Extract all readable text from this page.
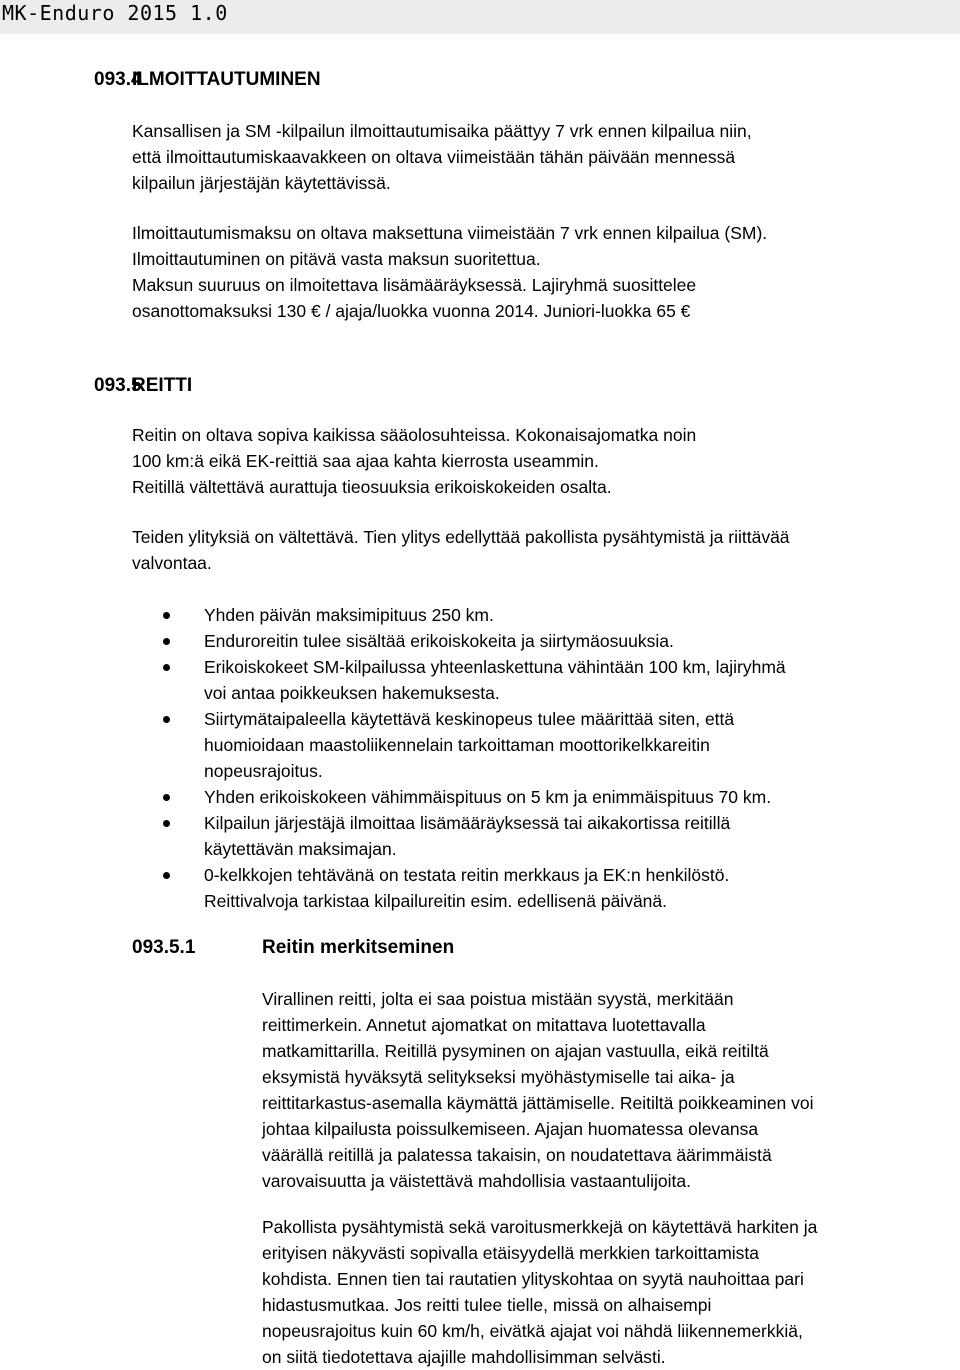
MK-Enduro 2015 1.0
093.4
ILMOITTAUTUMINEN

Kansallisen ja SM -kilpailun ilmoittautumisaika päättyy 7 vrk ennen kilpailua niin,
että ilmoittautumiskaavakkeen on oltava viimeistään tähän päivään mennessä
kilpailun järjestäjän käytettävissä.

Ilmoittautumismaksu on oltava maksettuna viimeistään 7 vrk ennen kilpailua (SM).
Ilmoittautuminen on pitävä vasta maksun suoritettua.
Maksun suuruus on ilmoitettava lisämääräyksessä. Lajiryhmä suosittelee
osanottomaksuksi 130 € / ajaja/luokka vuonna 2014. Juniori-luokka 65 €

093.5
REITTI

Reitin on oltava sopiva kaikissa sääolosuhteissa. Kokonaisajomatka noin
100 km:ä eikä EK-reittiä saa ajaa kahta kierrosta useammin.
Reitillä vältettävä aurattuja tieosuuksia erikoiskokeiden osalta.

Teiden ylityksiä on vältettävä. Tien ylitys edellyttää pakollista pysähtymistä ja riittävää
valvontaa.

Yhden päivän maksimipituus 250 km.
Enduroreitin tulee sisältää erikoiskokeita ja siirtymäosuuksia.
Erikoiskokeet SM-kilpailussa yhteenlaskettuna vähintään 100 km, lajiryhmä
voi antaa poikkeuksen hakemuksesta.
Siirtymätaipaleella käytettävä keskinopeus tulee määrittää siten, että
huomioidaan maastoliikennelain tarkoittaman moottorikelkkareitin
nopeusrajoitus.
Yhden erikoiskokeen vähimmäispituus on 5 km ja enimmäispituus 70 km.
Kilpailun järjestäjä ilmoittaa lisämääräyksessä tai aikakortissa reitillä
käytettävän maksimajan.
0-kelkkojen tehtävänä on testata reitin merkkaus ja EK:n henkilöstö.
Reittivalvoja tarkistaa kilpailureitin esim. edellisenä päivänä.
093.5.1	Reitin merkitseminen

Virallinen reitti, jolta ei saa poistua mistään syystä, merkitään
reittimerkein. Annetut ajomatkat on mitattava luotettavalla
matkamittarilla. Reitillä pysyminen on ajajan vastuulla, eikä reitiltä
eksymistä hyväksytä selitykseksi myöhästymiselle tai aika- ja
reittitarkastus-asemalla käymättä jättämiselle. Reitiltä poikkeaminen voi
johtaa kilpailusta poissulkemiseen. Ajajan huomatessa olevansa
väärällä reitillä ja palatessa takaisin, on noudatettava äärimmäistä
varovaisuutta ja väistettävä mahdollisia vastaantulijoita.

Pakollista pysähtymistä sekä varoitusmerkkejä on käytettävä harkiten ja
erityisen näkyvästi sopivalla etäisyydellä merkkien tarkoittamista
kohdista. Ennen tien tai rautatien ylityskohtaa on syytä nauhoittaa pari
hidastusmutkaa. Jos reitti tulee tielle, missä on alhaisempi
nopeusrajoitus kuin 60 km/h, eivätkä ajajat voi nähdä liikennemerkkiä,
on siitä tiedotettava ajajille mahdollisimman selvästi.
